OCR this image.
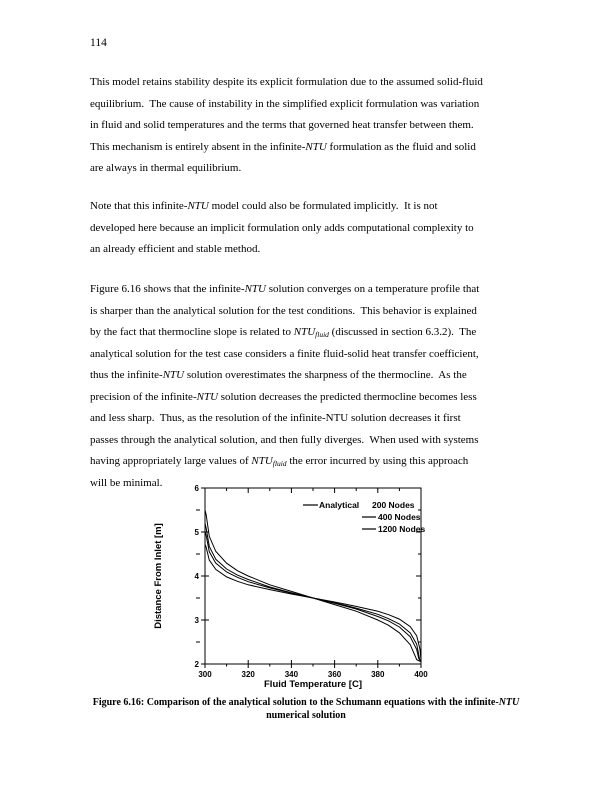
114
This model retains stability despite its explicit formulation due to the assumed solid-fluid
equilibrium.  The cause of instability in the simplified explicit formulation was variation
in fluid and solid temperatures and the terms that governed heat transfer between them.
This mechanism is entirely absent in the infinite-NTU formulation as the fluid and solid
are always in thermal equilibrium.
Note that this infinite-NTU model could also be formulated implicitly.  It is not
developed here because an implicit formulation only adds computational complexity to
an already efficient and stable method.
Figure 6.16 shows that the infinite-NTU solution converges on a temperature profile that
is sharper than the analytical solution for the test conditions.  This behavior is explained
by the fact that thermocline slope is related to $NTU_{fluid}$ (discussed in section 6.3.2).  The
analytical solution for the test case considers a finite fluid-solid heat transfer coefficient,
thus the infinite-NTU solution overestimates the sharpness of the thermocline.  As the
precision of the infinite-NTU solution decreases the predicted thermocline becomes less
and less sharp.  Thus, as the resolution of the infinite-NTU solution decreases it first
passes through the analytical solution, and then fully diverges.  When used with systems
having appropriately large values of $NTU_{fluid}$ the error incurred by using this approach
will be minimal.
300	320	340	360	380	400
2
3
4
5
6
Fluid Temperature [C]
Distance From Inlet [m]
Analytical 200 Nodes
400 Nodes
1200 Nodes
Figure 6.16: Comparison of the analytical solution to the Schumann equations with the infinite-NTU
numerical solution
